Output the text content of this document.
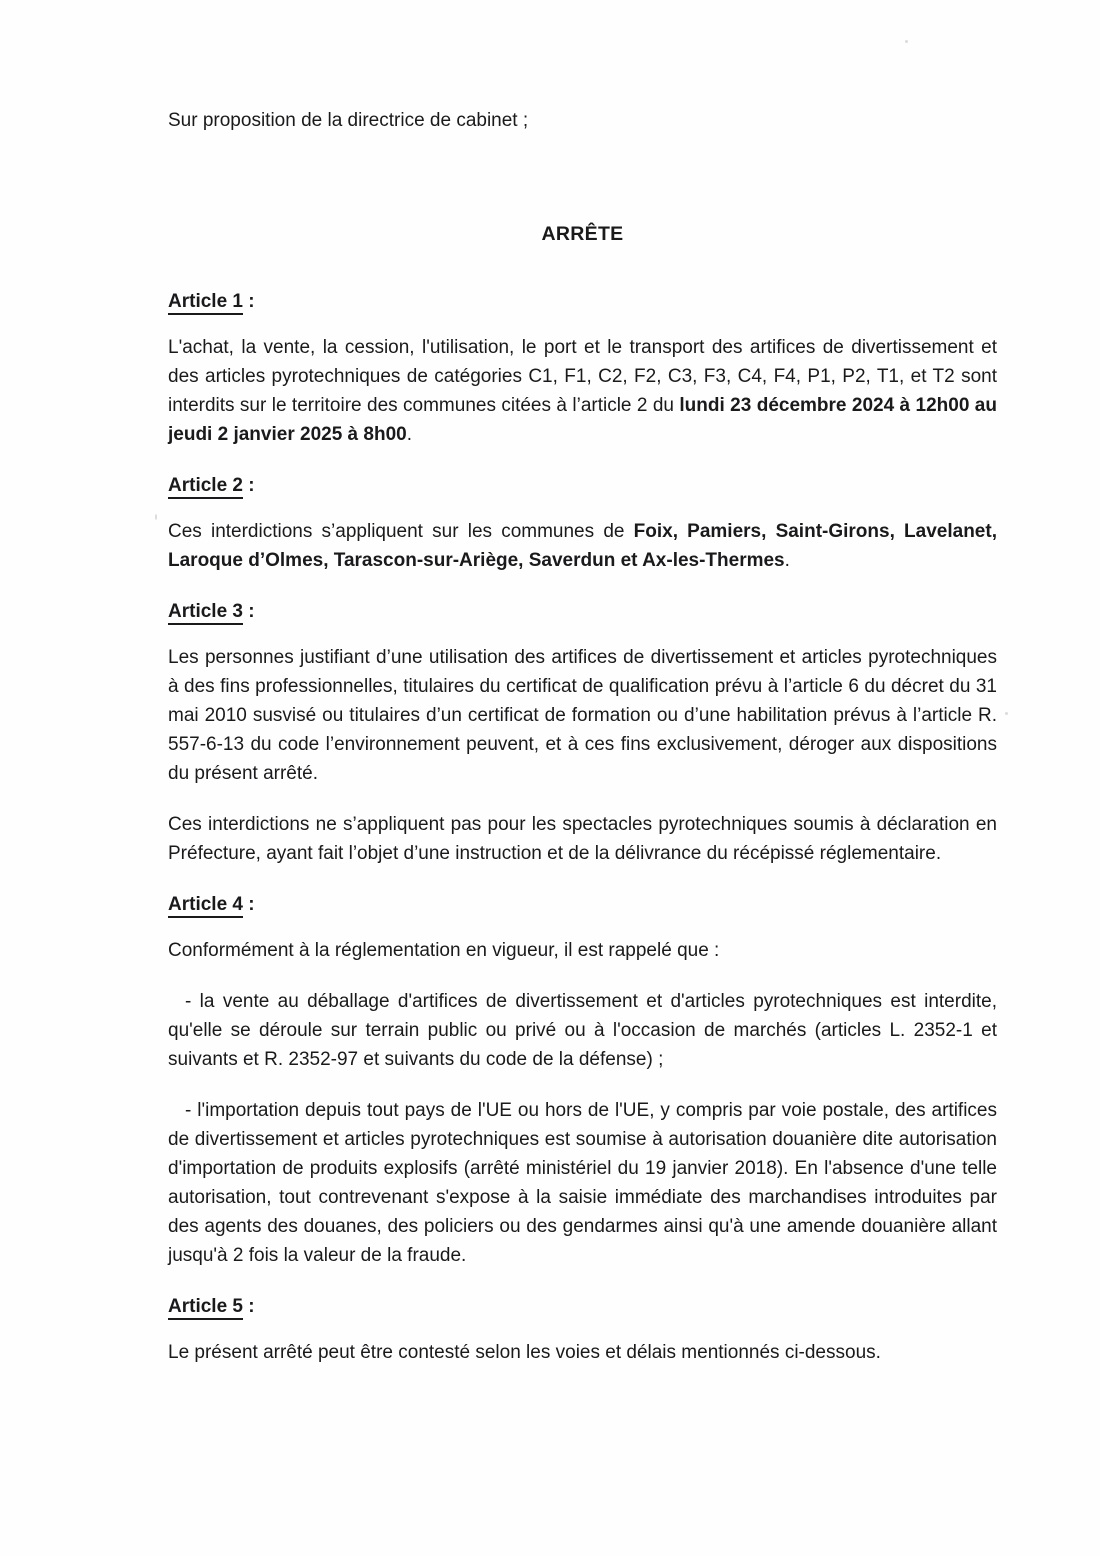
Sur proposition de la directrice de cabinet ;

ARRÊTE
Article 1 :

L'achat, la vente, la cession, l'utilisation, le port et le transport des artifices de divertissement et des articles pyrotechniques de catégories C1, F1, C2, F2, C3, F3, C4, F4, P1, P2, T1, et T2 sont interdits sur le territoire des communes citées à l’article 2 du lundi 23 décembre 2024 à 12h00 au jeudi 2 janvier 2025 à 8h00.

Article 2 :

Ces interdictions s’appliquent sur les communes de Foix, Pamiers, Saint-Girons, Lavelanet, Laroque d’Olmes, Tarascon-sur-Ariège, Saverdun et Ax-les-Thermes.

Article 3 :

Les personnes justifiant d’une utilisation des artifices de divertissement et articles pyrotechniques à des fins professionnelles, titulaires du certificat de qualification prévu à l’article 6 du décret du 31 mai 2010 susvisé ou titulaires d’un certificat de formation ou d’une habilitation prévus à l’article R. 557-6-13 du code l’environnement peuvent, et à ces fins exclusivement, déroger aux dispositions du présent arrêté.

Ces interdictions ne s’appliquent pas pour les spectacles pyrotechniques soumis à déclaration en Préfecture, ayant fait l’objet d’une instruction et de la délivrance du récépissé réglementaire.

Article 4 :

Conformément à la réglementation en vigueur, il est rappelé que :

- la vente au déballage d'artifices de divertissement et d'articles pyrotechniques est interdite, qu'elle se déroule sur terrain public ou privé ou à l'occasion de marchés (articles L. 2352-1 et suivants et R. 2352-97 et suivants du code de la défense) ;

- l'importation depuis tout pays de l'UE ou hors de l'UE, y compris par voie postale, des artifices de divertissement et articles pyrotechniques est soumise à autorisation douanière dite autorisation d'importation de produits explosifs (arrêté ministériel du 19 janvier 2018). En l'absence d'une telle autorisation, tout contrevenant s'expose à la saisie immédiate des marchandises introduites par des agents des douanes, des policiers ou des gendarmes ainsi qu'à une amende douanière allant jusqu'à 2 fois la valeur de la fraude.

Article 5 :

Le présent arrêté peut être contesté selon les voies et délais mentionnés ci-dessous.
